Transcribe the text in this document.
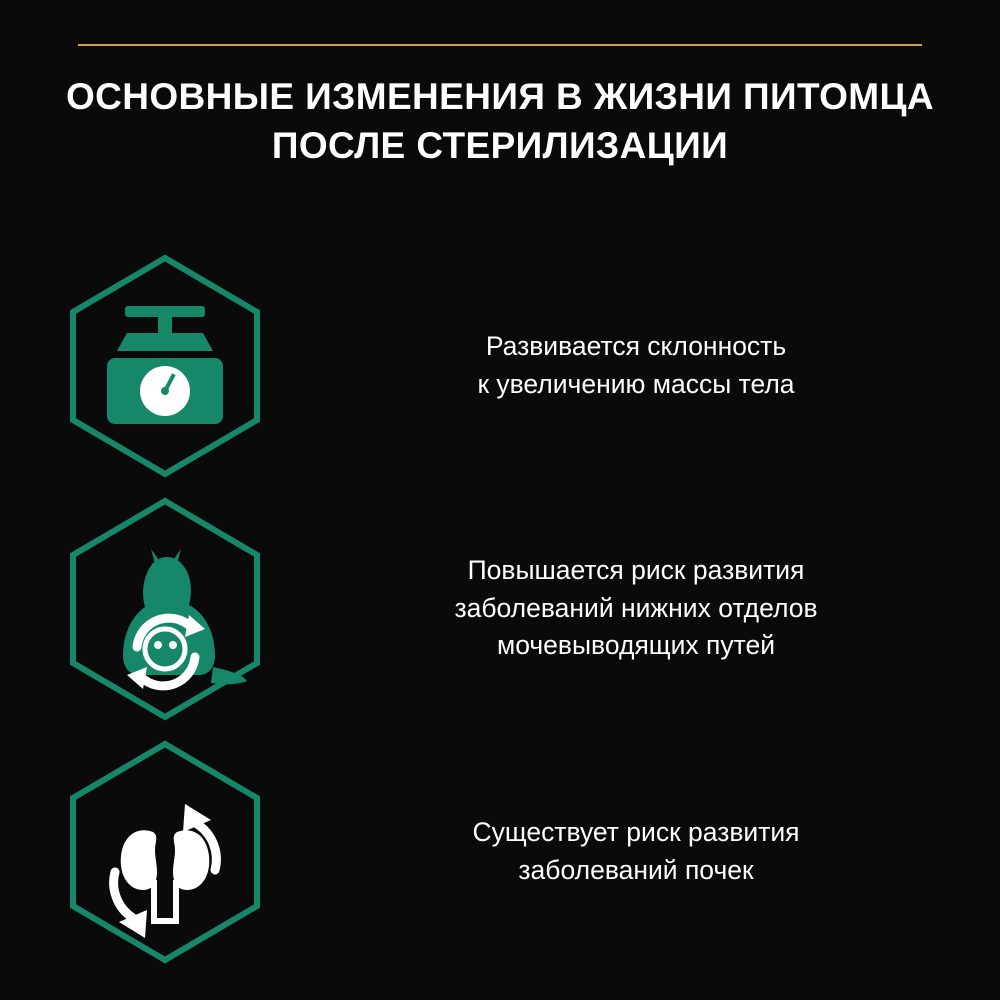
ОСНОВНЫЕ ИЗМЕНЕНИЯ В ЖИЗНИ ПИТОМЦА ПОСЛЕ СТЕРИЛИЗАЦИИ
Развивается склонность
к увеличению массы тела
Повышается риск развития
заболеваний нижних отделов
мочевыводящих путей
Существует риск развития
заболеваний почек
